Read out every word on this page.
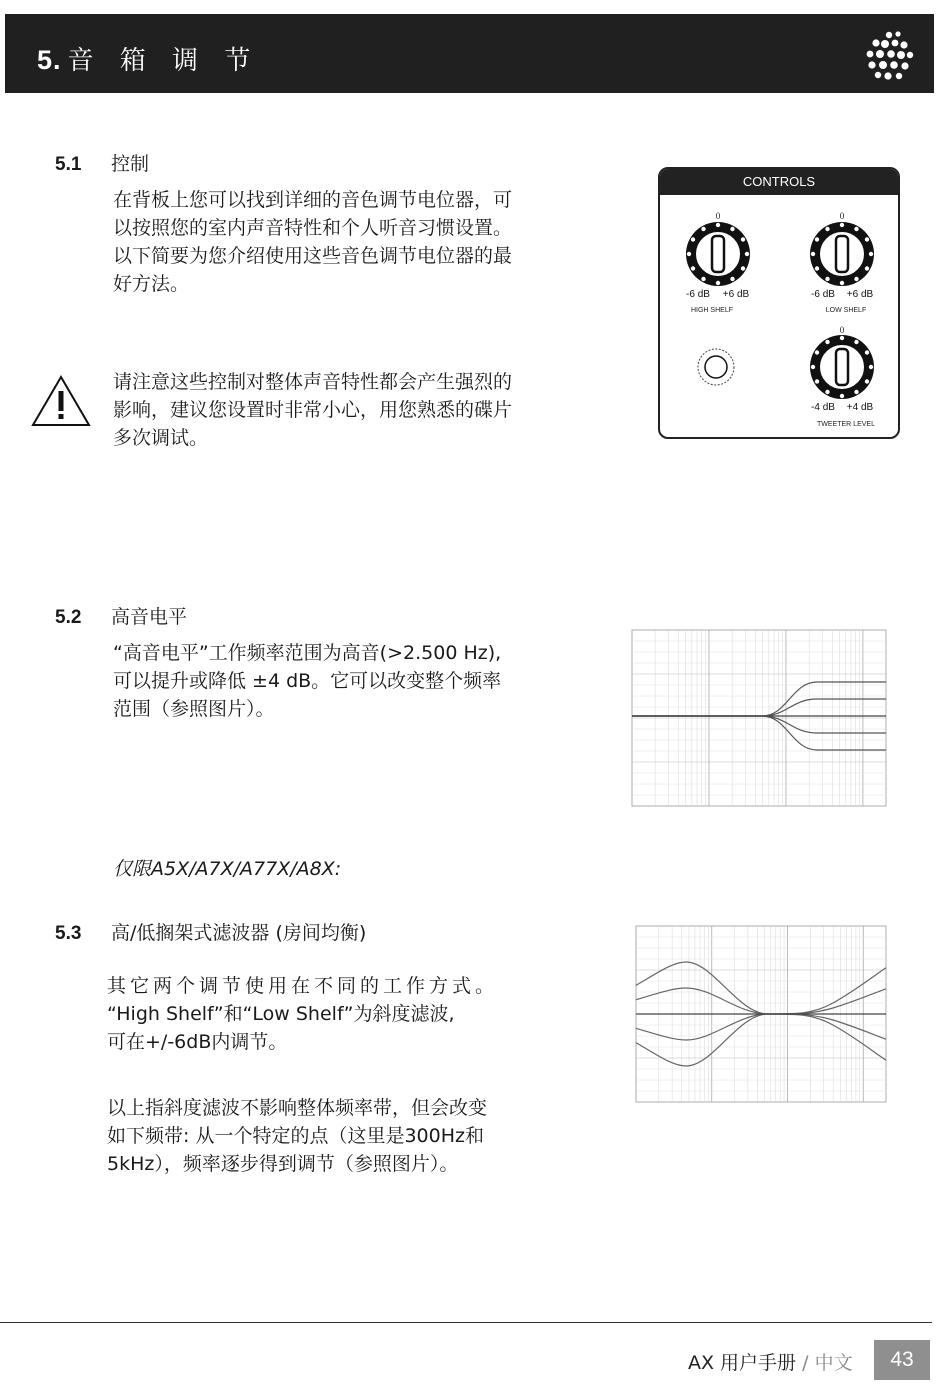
5. 音 箱 调 节
5.1 控制
在背板上您可以找到详细的音色调节电位器，可
以按照您的室内声音特性和个人听音习惯设置。
以下简要为您介绍使用这些音色调节电位器的最
好方法。
请注意这些控制对整体声音特性都会产生强烈的
影响，建议您设置时非常小心，用您熟悉的碟片
多次调试。
CONTROLS
0	0
0
-6 dB +6 dB	-6 dB +6 dB
-4 dB +4 dB
HIGH SHELF	LOW SHELF
TWEETER LEVEL
5.2 高音电平
“高音电平”工作频率范围为高音(>2.500 Hz),
可以提升或降低 ±4 dB。它可以改变整个频率
范围（参照图片）。
仅限A5X/A7X/A77X/A8X:
5.3 高/低搁架式滤波器 (房间均衡)
其它两个调节使用在不同的工作方式。
“High Shelf”和“Low Shelf”为斜度滤波,
可在+/-6dB内调节。
以上指斜度滤波不影响整体频率带，但会改变
如下频带: 从一个特定的点（这里是300Hz和
5kHz），频率逐步得到调节（参照图片）。
AX 用户手册 / 中文	43
